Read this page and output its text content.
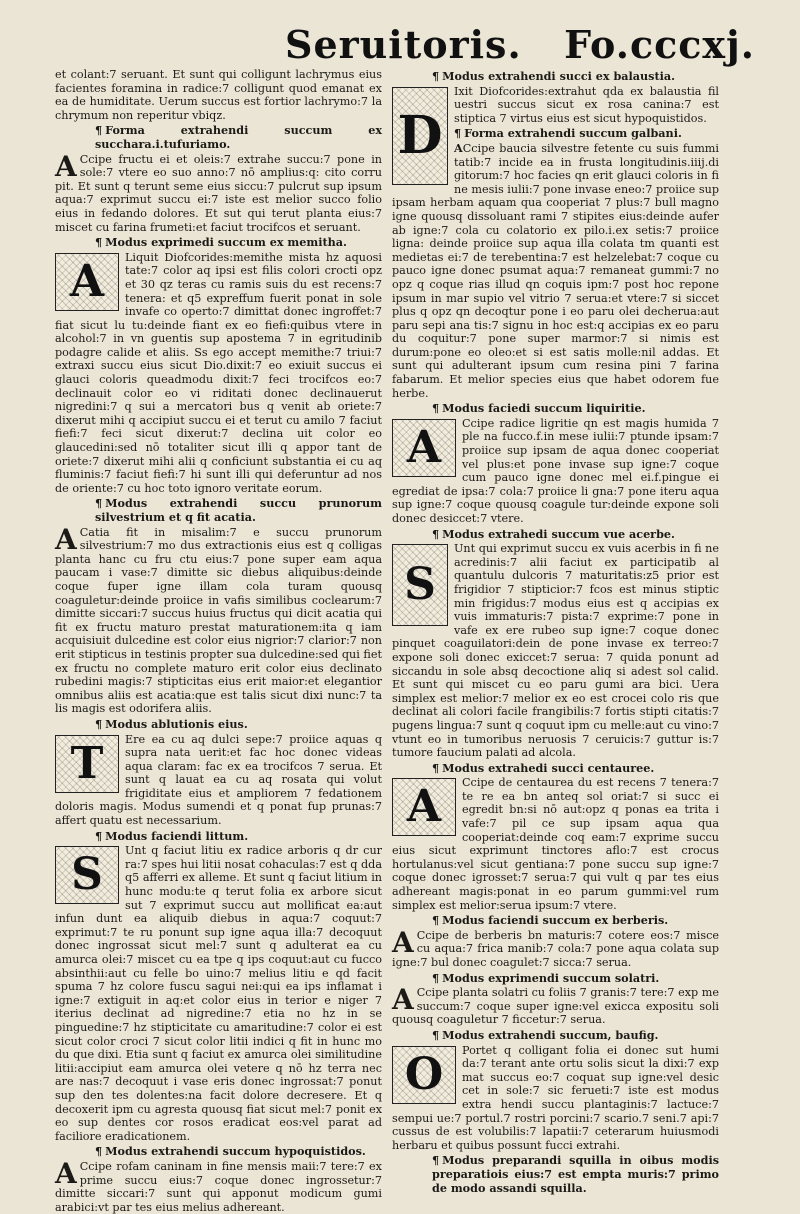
Seruitoris. Fo.cccxj.

et colant:7 seruant. Et sunt qui colligunt lachrymus eius facientes foramina in radice:7 colligunt quod emanat ex ea de humiditate. Uerum succus est fortior lachrymo:7 la chrymum non reperitur vbiqz.

¶ Forma extrahendi succum ex succhara.i.tufuriamo.

A Ccipe fructu ei et oleis:7 extrahe succu:7 pone in sole:7 vtere eo suo anno:7 nō amplius:q: cito corru pit. Et sunt q terunt seme eius siccu:7 pulcrut sup ipsum aqua:7 exprimut succu ei:7 iste est melior succo folio eius in fedando dolores. Et sut qui terut planta eius:7 miscet cu farina frumeti:et faciut trocifcos et seruant.

¶ Modus exprimedi succum ex memitha.

A	Liquit Diofcorides:memithe mista hz aquosi tate:7 color aq ipsi est filis colori crocti opz et 30 qz teras cu ramis suis du est recens:7 tenera: et q5 expreffum fuerit ponat in sole invafe co operto:7 dimittat donec ingroffet:7 fiat sicut lu tu:deinde fiant ex eo fiefi:quibus vtere in alcohol:7 in vn guentis sup apostema 7 in egritudinib podagre calide et aliis. Ss ego accept memithe:7 triui:7 extraxi succu eius sicut Dio.dixit:7 eo exiuit succus ei glauci coloris queadmodu dixit:7 feci trocifcos eo:7 declinauit color eo vi riditati donec declinauerut nigredini:7 q sui a mercatori bus q venit ab oriete:7 dixerut mihi q accipiut succu ei et terut cu amilo 7 faciut fiefi:7 feci sicut dixerut:7 declina uit color eo glaucedini:sed nō totaliter sicut illi q appor tant de oriete:7 dixerut mihi alii q conficiunt substantia ei cu aq fluminis:7 faciut fiefi:7 hi sunt illi qui deferuntur ad nos de oriente:7 cu hoc toto ignoro veritate eorum.

¶ Modus extrahendi succu prunorum silvestrium et q fit acatia.

A Catia fit in misalim:7 e succu prunorum silvestrium:7 mo dus extractionis eius est q colligas planta hanc cu fru ctu eius:7 pone super eam aqua paucam i vase:7 dimitte sic diebus aliquibus:deinde coque fuper igne illam cola turam quousq coaguletur:deinde proiice in vafis similibus coclearum:7 dimitte siccari:7 succus huius fructus qui dicit acatia qui fit ex fructu maturo prestat maturationem:ita q iam acquisiuit dulcedine est color eius nigrior:7 clarior:7 non erit stipticus in testinis propter sua dulcedine:sed qui fiet ex fructu no complete maturo erit color eius declinato rubedini magis:7 stipticitas eius erit maior:et elegantior omnibus aliis est acatia:que est talis sicut dixi nunc:7 ta lis magis est odorifera aliis.

¶ Modus ablutionis eius.

T	Ere ea cu aq dulci sepe:7 proiice aquas q supra nata uerit:et fac hoc donec videas aqua claram: fac ex ea trocifcos 7 serua. Et sunt q lauat ea cu aq rosata qui volut frigiditate eius et ampliorem 7 fedationem doloris magis. Modus sumendi et q ponat fup prunas:7 affert quatu est necessarium.

¶ Modus faciendi littum.

S	Unt q faciut litiu ex radice arboris q dr cur ra:7 spes hui litii nosat cohaculas:7 est q dda q5 afferri ex alleme. Et sunt q faciut litium in hunc modu:te q terut folia ex arbore sicut sut 7 exprimut succu aut mollificat ea:aut infun dunt ea aliquib diebus in aqua:7 coquut:7 exprimut:7 te ru ponunt sup igne aqua illa:7 decoquut donec ingrossat sicut mel:7 sunt q adulterat ea cu amurca olei:7 miscet cu ea tpe q ips coquut:aut cu fucco absinthii:aut cu felle bo uino:7 melius litiu e qd facit spuma 7 hz colore fuscu sagui nei:qui ea ips inflamat i igne:7 extiguit in aq:et color eius in terior e niger 7 iterius declinat ad nigredine:7 etia no hz in se pinguedine:7 hz stipticitate cu amaritudine:7 color ei est sicut color croci 7 sicut color litii indici q fit in hunc mo du que dixi. Etia sunt q faciut ex amurca olei similitudine litii:accipiut eam amurca olei vetere q nō hz terra nec are nas:7 decoquut i vase eris donec ingrossat:7 ponut sup den tes dolentes:na facit dolore decresere. Et q decoxerit ipm cu agresta quousq fiat sicut mel:7 ponit ex eo sup dentes cor rosos eradicat eos:vel parat ad faciliore eradicationem.

¶ Modus extrahendi succum hypoquistidos.

A Ccipe rofam caninam in fine mensis maii:7 tere:7 ex prime succu eius:7 coque donec ingrossetur:7 dimitte siccari:7 sunt qui apponut modicum gumi arabici:vt par tes eius melius adhereant.

¶ Modus extrahendi succi ex balaustia.

D
Ixit Diofcorides:extrahut qda ex balaustia fil uestri succus sicut ex rosa canina:7 est stiptica 7 virtus eius est sicut hypoquistidos.

¶ Forma extrahendi succum galbani.

ACcipe baucia silvestre fetente cu suis fummi tatib:7 incide ea in frusta longitudinis.iiij.di gitorum:7 hoc facies qn erit glauci coloris in fi ne mesis iulii:7 pone invase eneo:7 proiice sup ipsam herbam aquam qua cooperiat 7 plus:7 bull magno igne quousq dissoluant rami 7 stipites eius:deinde aufer ab igne:7 cola cu colatorio ex pilo.i.ex setis:7 proiice ligna: deinde proiice sup aqua illa colata tm quanti est medietas ei:7 de terebentina:7 est helzelebat:7 coque cu pauco igne donec psumat aqua:7 remaneat gummi:7 no opz q coque rias illud qn coquis ipm:7 post hoc repone ipsum in mar supio vel vitrio 7 serua:et vtere:7 si siccet plus q opz qn decoqtur pone i eo paru olei decherua:aut paru sepi ana tis:7 signu in hoc est:q accipias ex eo paru du coquitur:7 pone super marmor:7 si nimis est durum:pone eo oleo:et si est satis molle:nil addas. Et sunt qui adulterant ipsum cum resina pini 7 farina fabarum. Et melior species eius que habet odorem fue herbe.

¶ Modus faciedi succum liquiritie.

A	Ccipe radice ligritie qn est magis humida 7 ple na fucco.f.in mese iulii:7 ptunde ipsam:7 proiice sup ipsam de aqua donec cooperiat vel plus:et pone invase sup igne:7 coque cum pauco igne donec mel ei.f.pingue ei egrediat de ipsa:7 cola:7 proiice li gna:7 pone iteru aqua sup igne:7 coque quousq coagule tur:deinde expone soli donec desiccet:7 vtere.

¶ Modus extrahedi succum vue acerbe.

S
Unt qui exprimut succu ex vuis acerbis in fi ne acredinis:7 alii faciut ex participatib al quantulu dulcoris 7 maturitatis:z5 prior est frigidior 7 stipticior:7 fcos est minus stiptic min frigidus:7 modus eius est q accipias ex vuis immaturis:7 pista:7 exprime:7 pone in vafe ex ere rubeo sup igne:7 coque donec pinquet coaguilatori:dein de pone invase ex terreo:7 expone soli donec exiccet:7 serua: 7 quida ponunt ad siccandu in sole absq decoctione aliq si adest sol calid. Et sunt qui miscet cu eo paru gumi ara bici. Uera simplex est melior:7 melior ex eo est crocei colo ris que declinat ali colori facile frangibilis:7 fortis stipti citatis:7 pugens lingua:7 sunt q coquut ipm cu melle:aut cu vino:7 vtunt eo in tumoribus neruosis 7 ceruicis:7 guttur is:7 tumore faucium palati ad alcola.

¶ Modus extrahedi succi centauree.

A	Ccipe de centaurea du est recens 7 tenera:7 te re ea bn anteq sol oriat:7 si succ ei egredit bn:si nō aut:opz q ponas ea trita i vafe:7 pil ce sup ipsam aqua qua cooperiat:deinde coq eam:7 exprime succu eius sicut exprimunt tinctores aflo:7 est crocus hortulanus:vel sicut gentiana:7 pone succu sup igne:7 coque donec igrosset:7 serua:7 qui vult q par tes eius adhereant magis:ponat in eo parum gummi:vel rum simplex est melior:serua ipsum:7 vtere.

¶ Modus faciendi succum ex berberis.

A Ccipe de berberis bn maturis:7 cotere eos:7 misce cu aqua:7 frica manib:7 cola:7 pone aqua colata sup igne:7 bul donec coagulet:7 sicca:7 serua.

¶ Modus exprimendi succum solatri.

A Ccipe planta solatri cu foliis 7 granis:7 tere:7 exp me succum:7 coque super igne:vel exicca expositu soli quousq coaguletur 7 ficcetur:7 serua.

¶ Modus extrahendi succum, baufig.

O	Portet q colligant folia ei donec sut humi da:7 terant ante ortu solis sicut la dixi:7 exp mat succus eo:7 coquat sup igne:vel desic cet in sole:7 sic ferueti:7 iste est modus extra hendi succu plantaginis:7 lactuce:7 sempui ue:7 portul.7 rostri porcini:7 scario.7 seni.7 api:7 cussus de est volubilis:7 lapatii:7 ceterarum huiusmodi herbaru et quibus possunt fucci extrahi.

¶ Modus preparandi squilla in oibus modis preparatiois eius:7 est empta muris:7 primo de modo assandi squilla.
